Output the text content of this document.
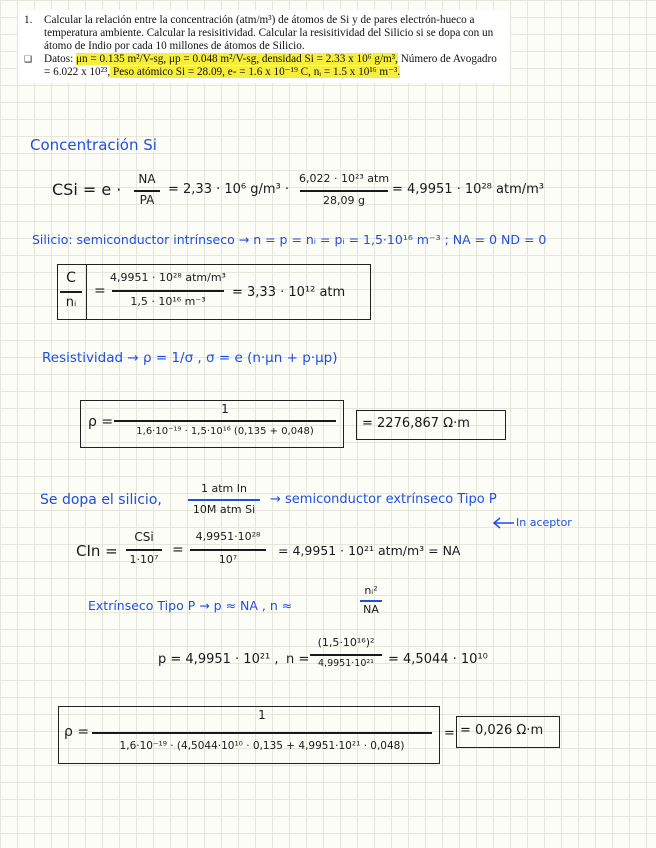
1.	Calcular la relación entre la concentración (atm/m³) de átomos de Si y de pares electrón-hueco a temperatura ambiente. Calcular la resisitividad. Calcular la resisitividad del Silicio si se dopa con un átomo de Indio por cada 10 millones de átomos de Silicio.
❑	Datos: μn = 0.135 m²/V-sg, μp = 0.048 m²/V-sg, densidad Si = 2.33 x 10⁶ g/m³, Número de Avogadro = 6.022 x 10²³, Peso atómico Si = 28.09, e- = 1.6 x 10⁻¹⁹ C, nᵢ = 1.5 x 10¹⁶ m⁻³.
Concentración Si
CSi = e ·
NA
PA
= 2,33 · 10⁶ g/m³ ·
6,022 · 10²³ atm
28,09 g
= 4,9951 · 10²⁸ atm/m³
Silicio: semiconductor intrínseco → n = p = nᵢ = pᵢ = 1,5·10¹⁶ m⁻³ ; NA = 0 ND = 0
C
nᵢ
=
4,9951 · 10²⁸ atm/m³
1,5 · 10¹⁶ m⁻³
= 3,33 · 10¹² atm
Resistividad → ρ = 1/σ , σ = e (n·μn + p·μp)
ρ =
1
1,6·10⁻¹⁹ · 1,5·10¹⁶ (0,135 + 0,048)
= 2276,867 Ω·m
Se dopa el silicio,
1 atm In
10M atm Si
→ semiconductor extrínseco Tipo P
In aceptor
CIn =
CSi
1·10⁷
=
4,9951·10²⁸
10⁷
= 4,9951 · 10²¹ atm/m³ = NA
Extrínseco Tipo P → p ≈ NA , n ≈
nᵢ²
NA
p = 4,9951 · 10²¹ , n =
(1,5·10¹⁶)²
4,9951·10²¹	= 4,5044 · 10¹⁰
ρ =
1
1,6·10⁻¹⁹ · (4,5044·10¹⁰ · 0,135 + 4,9951·10²¹ · 0,048)
= = 0,026 Ω·m
